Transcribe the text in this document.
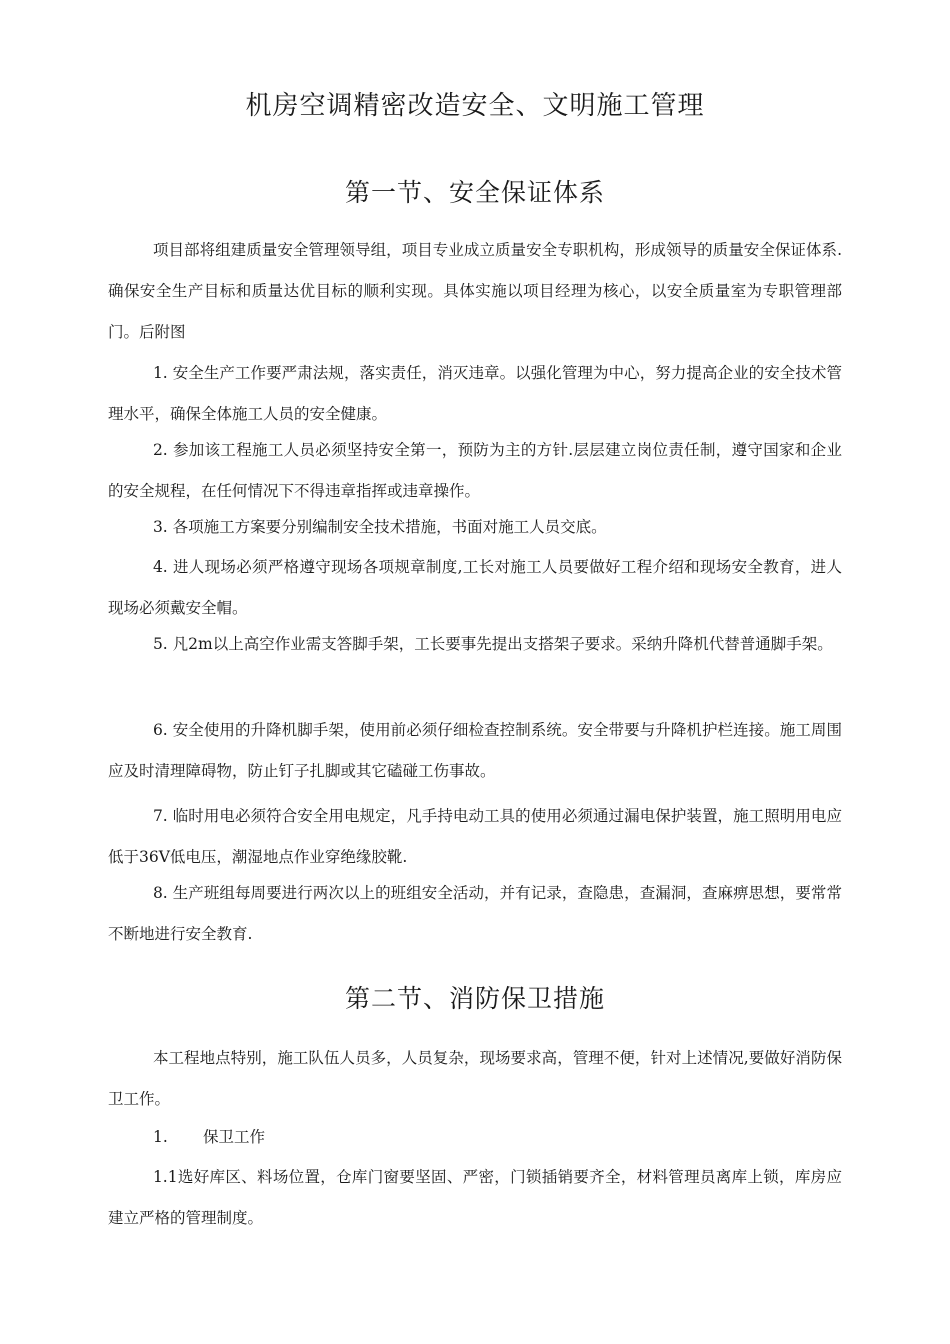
机房空调精密改造安全、文明施工管理
第一节、安全保证体系

项目部将组建质量安全管理领导组，项目专业成立质量安全专职机构，形成领导的质量安全保证体系.确保安全生产目标和质量达优目标的顺利实现。具体实施以项目经理为核心，以安全质量室为专职管理部门。后附图

1. 安全生产工作要严肃法规，落实责任，消灭违章。以强化管理为中心，努力提高企业的安全技术管理水平，确保全体施工人员的安全健康。

2. 参加该工程施工人员必须坚持安全第一，预防为主的方针.层层建立岗位责任制，遵守国家和企业的安全规程，在任何情况下不得违章指挥或违章操作。

3. 各项施工方案要分别编制安全技术措施，书面对施工人员交底。

4. 进人现场必须严格遵守现场各项规章制度,工长对施工人员要做好工程介绍和现场安全教育，进人现场必须戴安全帽。

5. 凡2m以上高空作业需支答脚手架，工长要事先提出支搭架子要求。采纳升降机代替普通脚手架。

6. 安全使用的升降机脚手架，使用前必须仔细检查控制系统。安全带要与升降机护栏连接。施工周围应及时清理障碍物，防止钉子扎脚或其它磕碰工伤事故。

7. 临时用电必须符合安全用电规定，凡手持电动工具的使用必须通过漏电保护装置，施工照明用电应低于36V低电压，潮湿地点作业穿绝缘胶靴.

8. 生产班组每周要进行两次以上的班组安全活动，并有记录，查隐患，查漏洞，查麻痹思想，要常常不断地进行安全教育.

第二节、消防保卫措施

本工程地点特别，施工队伍人员多，人员复杂，现场要求高，管理不便，针对上述情况,要做好消防保卫工作。

1. 保卫工作

1.1选好库区、料场位置，仓库门窗要坚固、严密，门锁插销要齐全，材料管理员离库上锁，库房应建立严格的管理制度。
